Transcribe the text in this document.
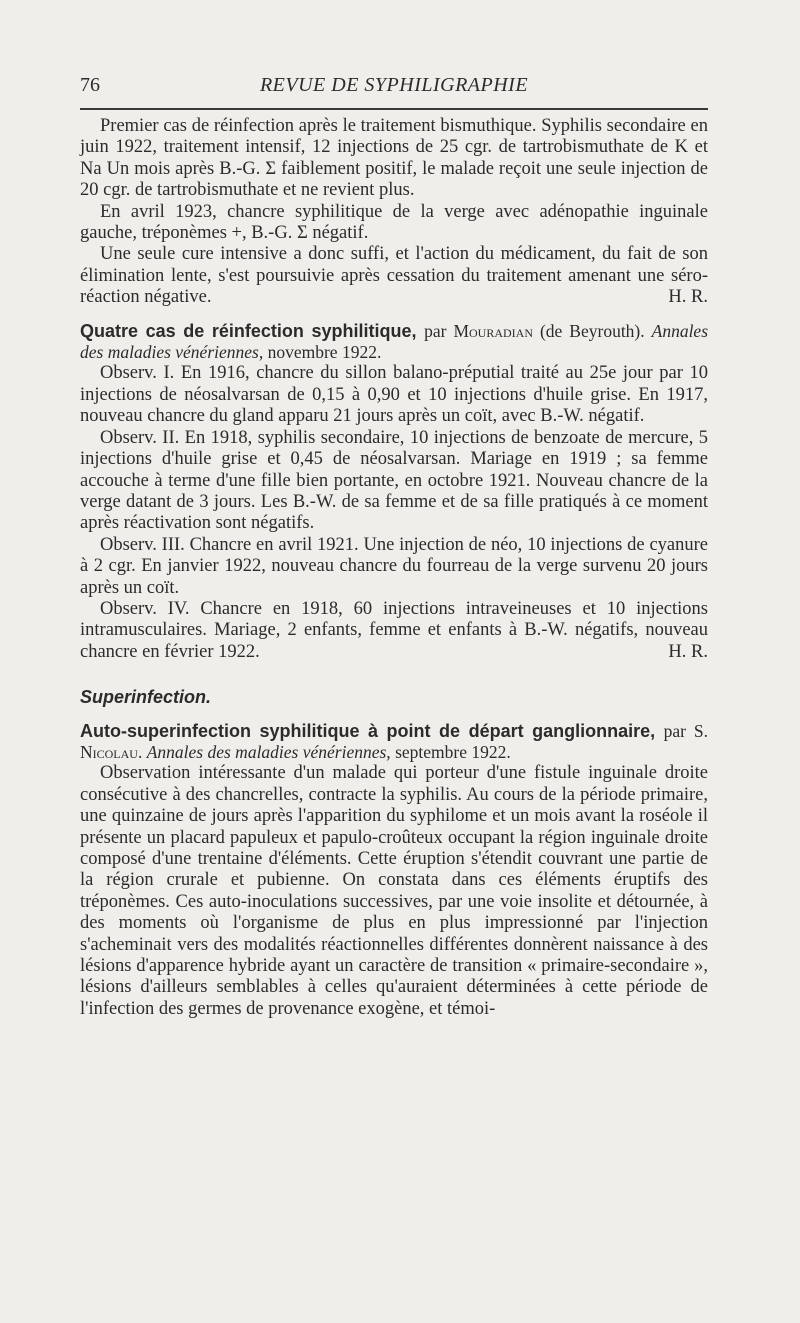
76	REVUE DE SYPHILIGRAPHIE

Premier cas de réinfection après le traitement bismuthique. Syphilis secondaire en juin 1922, traitement intensif, 12 injections de 25 cgr. de tartrobismuthate de K et Na Un mois après B.-G. Σ faiblement positif, le malade reçoit une seule injection de 20 cgr. de tartrobismuthate et ne revient plus.

En avril 1923, chancre syphilitique de la verge avec adénopathie inguinale gauche, tréponèmes +, B.-G. Σ négatif.

Une seule cure intensive a donc suffi, et l'action du médicament, du fait de son élimination lente, s'est poursuivie après cessation du traitement amenant une séro-réaction négative.	H. R.

Quatre cas de réinfection syphilitique, par Mouradian (de Beyrouth). Annales des maladies vénériennes, novembre 1922.

Observ. I. En 1916, chancre du sillon balano-préputial traité au 25e jour par 10 injections de néosalvarsan de 0,15 à 0,90 et 10 injections d'huile grise. En 1917, nouveau chancre du gland apparu 21 jours après un coït, avec B.-W. négatif.

Observ. II. En 1918, syphilis secondaire, 10 injections de benzoate de mercure, 5 injections d'huile grise et 0,45 de néosalvarsan. Mariage en 1919 ; sa femme accouche à terme d'une fille bien portante, en octobre 1921. Nouveau chancre de la verge datant de 3 jours. Les B.-W. de sa femme et de sa fille pratiqués à ce moment après réactivation sont négatifs.

Observ. III. Chancre en avril 1921. Une injection de néo, 10 injections de cyanure à 2 cgr. En janvier 1922, nouveau chancre du fourreau de la verge survenu 20 jours après un coït.

Observ. IV. Chancre en 1918, 60 injections intraveineuses et 10 injections intramusculaires. Mariage, 2 enfants, femme et enfants à B.-W. négatifs, nouveau chancre en février 1922.	H. R.

Superinfection.

Auto-superinfection syphilitique à point de départ ganglionnaire, par S. Nicolau. Annales des maladies vénériennes, septembre 1922.

Observation intéressante d'un malade qui porteur d'une fistule inguinale droite consécutive à des chancrelles, contracte la syphilis. Au cours de la période primaire, une quinzaine de jours après l'apparition du syphilome et un mois avant la roséole il présente un placard papuleux et papulo-croûteux occupant la région inguinale droite composé d'une trentaine d'éléments. Cette éruption s'étendit couvrant une partie de la région crurale et pubienne. On constata dans ces éléments éruptifs des tréponèmes. Ces auto-inoculations successives, par une voie insolite et détournée, à des moments où l'organisme de plus en plus impressionné par l'injection s'acheminait vers des modalités réactionnelles différentes donnèrent naissance à des lésions d'apparence hybride ayant un caractère de transition « primaire-secondaire », lésions d'ailleurs semblables à celles qu'auraient déterminées à cette période de l'infection des germes de provenance exogène, et témoi-
